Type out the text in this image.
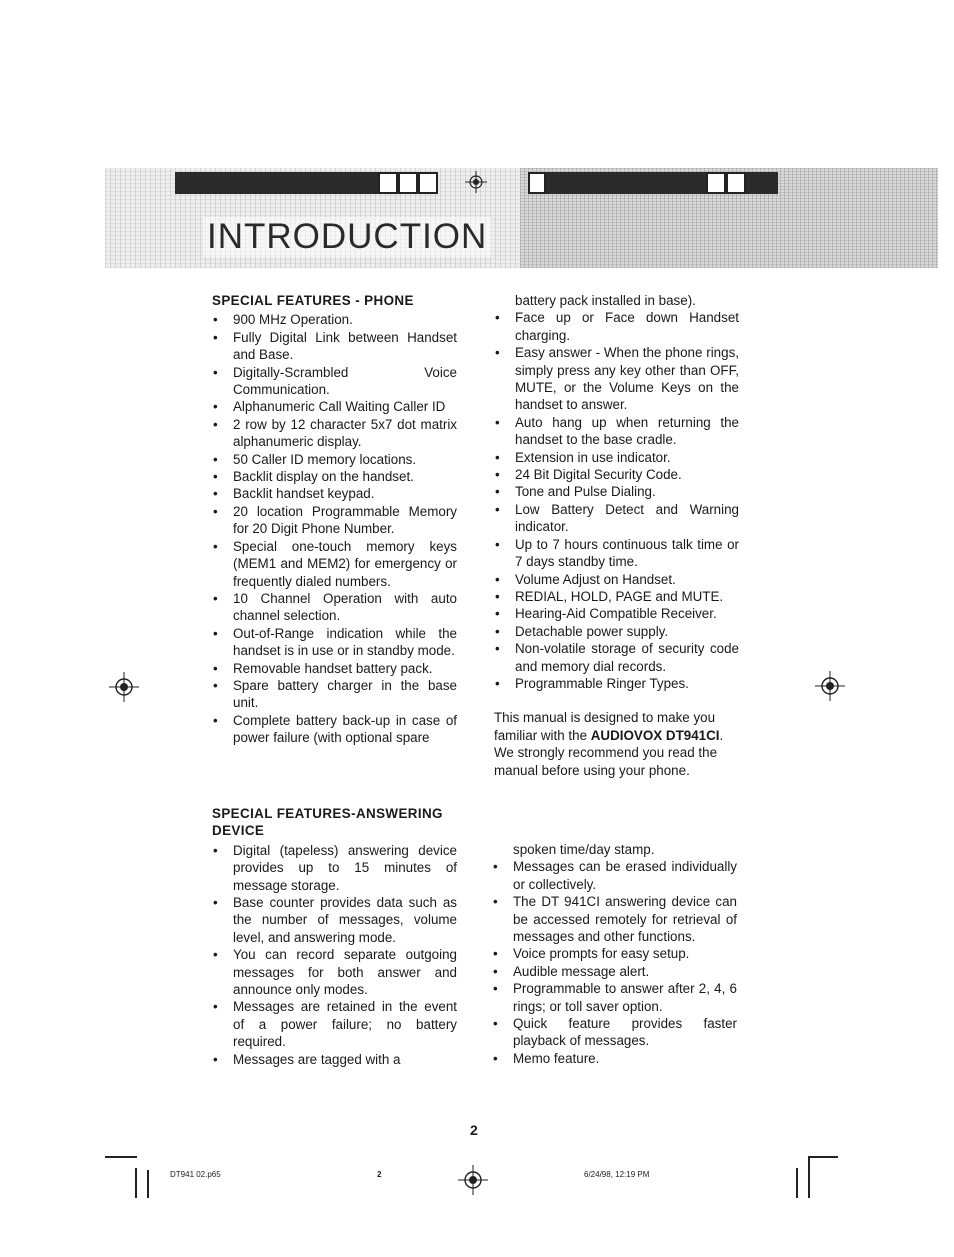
INTRODUCTION
SPECIAL FEATURES - PHONE
• 900 MHz Operation.
• Fully Digital Link between Handset and Base.
• Digitally-Scrambled Voice Communication.
• Alphanumeric Call Waiting Caller ID
• 2 row by 12 character 5x7 dot matrix alphanumeric display.
• 50 Caller ID memory locations.
• Backlit display on the handset.
• Backlit handset keypad.
• 20 location Programmable Memory for 20 Digit Phone Number.
• Special one-touch memory keys (MEM1 and MEM2) for emergency or frequently dialed numbers.
• 10 Channel Operation with auto channel selection.
• Out-of-Range indication while the handset is in use or in standby mode.
• Removable handset battery pack.
• Spare battery charger in the base unit.
• Complete battery back-up in case of power failure (with optional spare

battery pack installed in base).

• Face up or Face down Handset charging.
• Easy answer - When the phone rings, simply press any key other than OFF, MUTE, or the Volume Keys on the handset to answer.
• Auto hang up when returning the handset to the base cradle.
• Extension in use indicator.
• 24 Bit Digital Security Code.
• Tone and Pulse Dialing.
• Low Battery Detect and Warning indicator.
• Up to 7 hours continuous talk time or 7 days standby time.
• Volume Adjust on Handset.
• REDIAL, HOLD, PAGE and MUTE.
• Hearing-Aid Compatible Receiver.
• Detachable power supply.
• Non-volatile storage of security code and memory dial records.
• Programmable Ringer Types.

This manual is designed to make you familiar with the AUDIOVOX DT941CI. We strongly recommend you read the manual before using your phone.

SPECIAL FEATURES-ANSWERING DEVICE
• Digital (tapeless) answering device provides up to 15 minutes of message storage.
• Base counter provides data such as the number of messages, volume level, and answering mode.
• You can record separate outgoing messages for both answer and announce only modes.
• Messages are retained in the event of a power failure; no battery required.
• Messages are tagged with a

spoken time/day stamp.

• Messages can be erased individually or collectively.
• The DT 941CI answering device can be accessed remotely for retrieval of messages and other functions.
• Voice prompts for easy setup.
• Audible message alert.
• Programmable to answer after 2, 4, 6 rings; or toll saver option.
• Quick feature provides faster playback of messages.
• Memo feature.
2
DT941 02.p65	2	6/24/98, 12:19 PM
